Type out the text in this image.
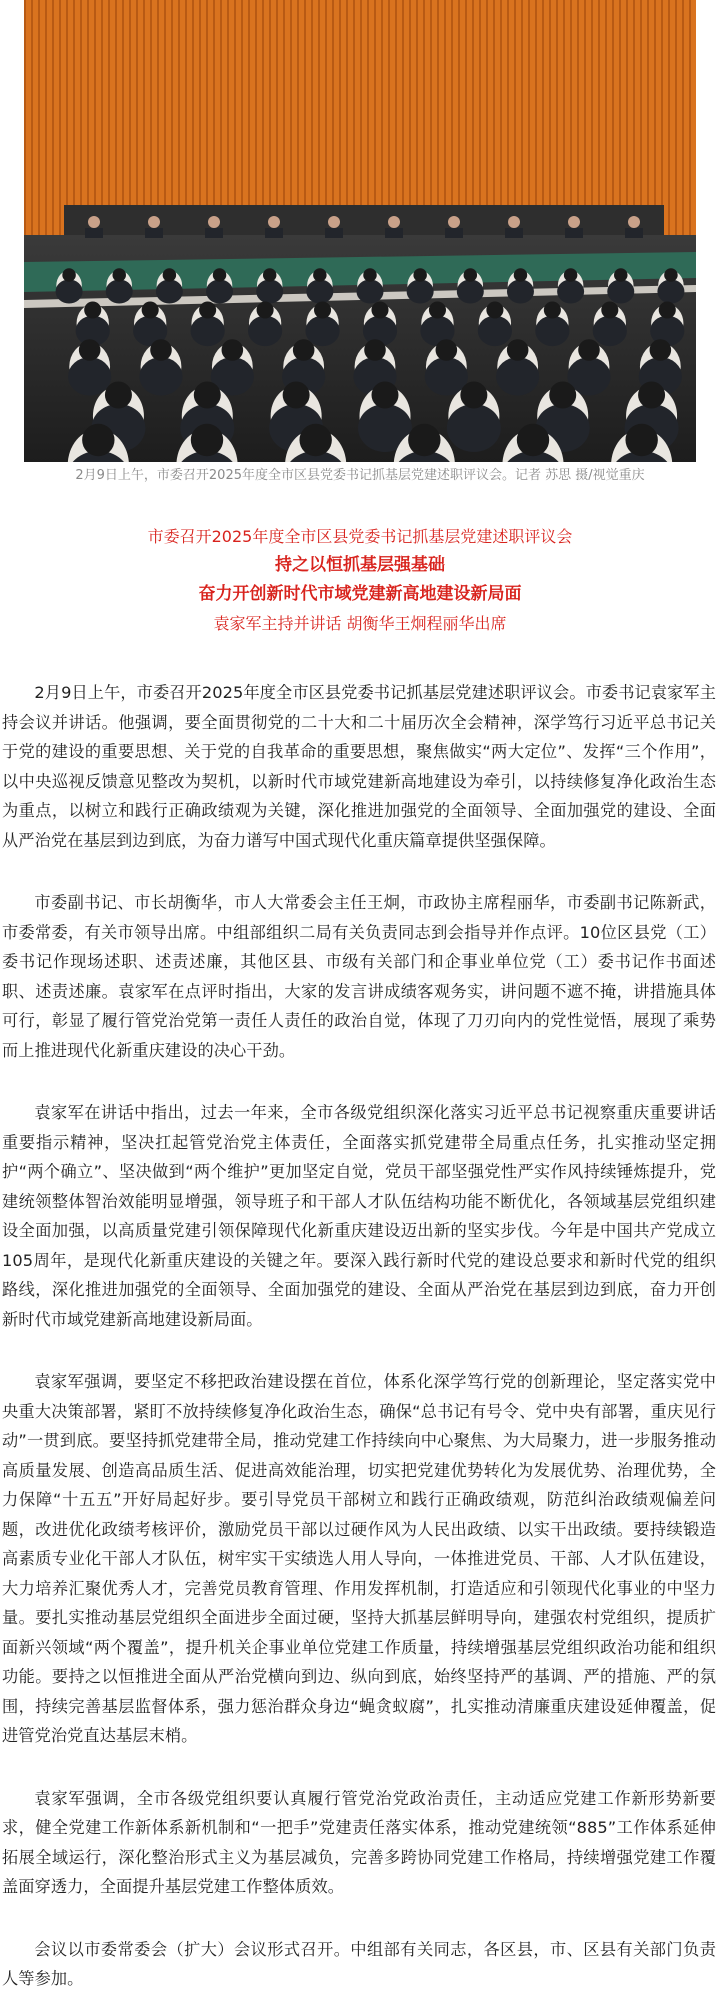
2月9日上午，市委召开2025年度全市区县党委书记抓基层党建述职评议会。记者 苏思 摄/视觉重庆
市委召开2025年度全市区县党委书记抓基层党建述职评议会
持之以恒抓基层强基础
奋力开创新时代市域党建新高地建设新局面
袁家军主持并讲话 胡衡华王炯程丽华出席

2月9日上午，市委召开2025年度全市区县党委书记抓基层党建述职评议会。市委书记袁家军主持会议并讲话。他强调，要全面贯彻党的二十大和二十届历次全会精神，深学笃行习近平总书记关于党的建设的重要思想、关于党的自我革命的重要思想，聚焦做实“两大定位”、发挥“三个作用”，以中央巡视反馈意见整改为契机，以新时代市域党建新高地建设为牵引，以持续修复净化政治生态为重点，以树立和践行正确政绩观为关键，深化推进加强党的全面领导、全面加强党的建设、全面从严治党在基层到边到底，为奋力谱写中国式现代化重庆篇章提供坚强保障。

市委副书记、市长胡衡华，市人大常委会主任王炯，市政协主席程丽华，市委副书记陈新武，市委常委，有关市领导出席。中组部组织二局有关负责同志到会指导并作点评。10位区县党（工）委书记作现场述职、述责述廉，其他区县、市级有关部门和企事业单位党（工）委书记作书面述职、述责述廉。袁家军在点评时指出，大家的发言讲成绩客观务实，讲问题不遮不掩，讲措施具体可行，彰显了履行管党治党第一责任人责任的政治自觉，体现了刀刃向内的党性觉悟，展现了乘势而上推进现代化新重庆建设的决心干劲。

袁家军在讲话中指出，过去一年来，全市各级党组织深化落实习近平总书记视察重庆重要讲话重要指示精神，坚决扛起管党治党主体责任，全面落实抓党建带全局重点任务，扎实推动坚定拥护“两个确立”、坚决做到“两个维护”更加坚定自觉，党员干部坚强党性严实作风持续锤炼提升，党建统领整体智治效能明显增强，领导班子和干部人才队伍结构功能不断优化，各领域基层党组织建设全面加强，以高质量党建引领保障现代化新重庆建设迈出新的坚实步伐。今年是中国共产党成立105周年，是现代化新重庆建设的关键之年。要深入践行新时代党的建设总要求和新时代党的组织路线，深化推进加强党的全面领导、全面加强党的建设、全面从严治党在基层到边到底，奋力开创新时代市域党建新高地建设新局面。

袁家军强调，要坚定不移把政治建设摆在首位，体系化深学笃行党的创新理论，坚定落实党中央重大决策部署，紧盯不放持续修复净化政治生态，确保“总书记有号令、党中央有部署，重庆见行动”一贯到底。要坚持抓党建带全局，推动党建工作持续向中心聚焦、为大局聚力，进一步服务推动高质量发展、创造高品质生活、促进高效能治理，切实把党建优势转化为发展优势、治理优势，全力保障“十五五”开好局起好步。要引导党员干部树立和践行正确政绩观，防范纠治政绩观偏差问题，改进优化政绩考核评价，激励党员干部以过硬作风为人民出政绩、以实干出政绩。要持续锻造高素质专业化干部人才队伍，树牢实干实绩选人用人导向，一体推进党员、干部、人才队伍建设，大力培养汇聚优秀人才，完善党员教育管理、作用发挥机制，打造适应和引领现代化事业的中坚力量。要扎实推动基层党组织全面进步全面过硬，坚持大抓基层鲜明导向，建强农村党组织，提质扩面新兴领域“两个覆盖”，提升机关企事业单位党建工作质量，持续增强基层党组织政治功能和组织功能。要持之以恒推进全面从严治党横向到边、纵向到底，始终坚持严的基调、严的措施、严的氛围，持续完善基层监督体系，强力惩治群众身边“蝇贪蚁腐”，扎实推动清廉重庆建设延伸覆盖，促进管党治党直达基层末梢。

袁家军强调，全市各级党组织要认真履行管党治党政治责任，主动适应党建工作新形势新要求，健全党建工作新体系新机制和“一把手”党建责任落实体系，推动党建统领“885”工作体系延伸拓展全域运行，深化整治形式主义为基层减负，完善多跨协同党建工作格局，持续增强党建工作覆盖面穿透力，全面提升基层党建工作整体质效。

会议以市委常委会（扩大）会议形式召开。中组部有关同志，各区县，市、区县有关部门负责人等参加。
